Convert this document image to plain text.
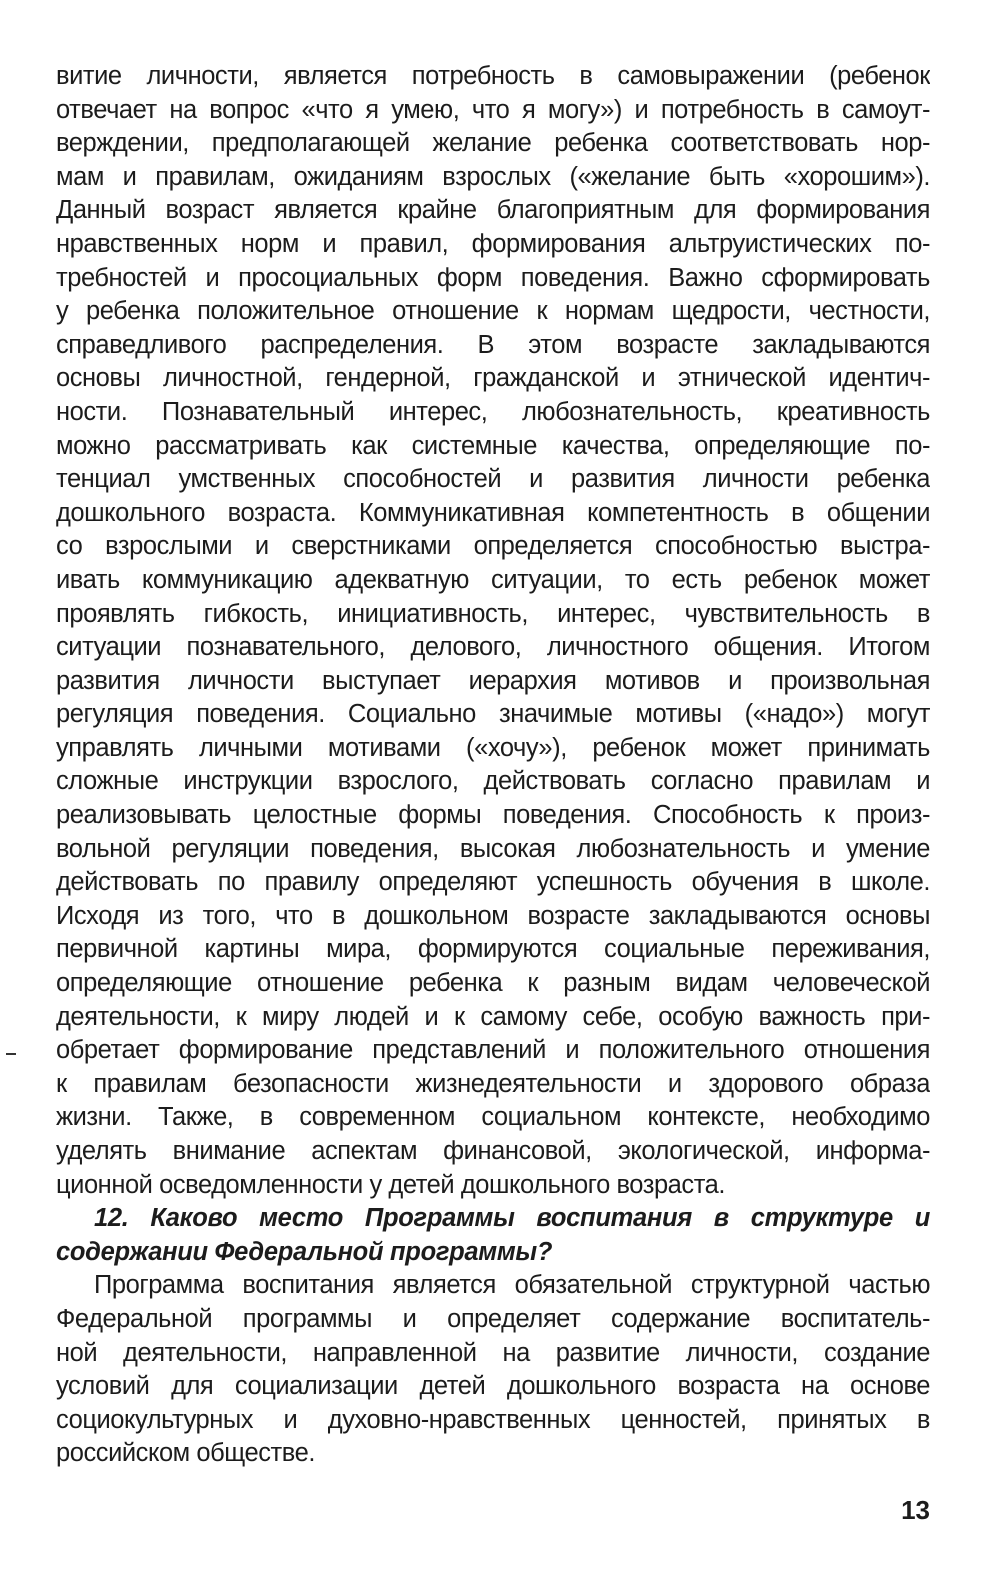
витие личности, является потребность в самовыражении (ребенок
отвечает на вопрос «что я умею, что я могу») и потребность в самоут-
верждении, предполагающей желание ребенка соответствовать нор-
мам и правилам, ожиданиям взрослых («желание быть «хорошим»).
Данный возраст является крайне благоприятным для формирования
нравственных норм и правил, формирования альтруистических по-
требностей и просоциальных форм поведения. Важно сформировать
у ребенка положительное отношение к нормам щедрости, честности,
справедливого распределения. В этом возрасте закладываются
основы личностной, гендерной, гражданской и этнической идентич-
ности. Познавательный интерес, любознательность, креативность
можно рассматривать как системные качества, определяющие по-
тенциал умственных способностей и развития личности ребенка
дошкольного возраста. Коммуникативная компетентность в общении
со взрослыми и сверстниками определяется способностью выстра-
ивать коммуникацию адекватную ситуации, то есть ребенок может
проявлять гибкость, инициативность, интерес, чувствительность в
ситуации познавательного, делового, личностного общения. Итогом
развития личности выступает иерархия мотивов и произвольная
регуляция поведения. Социально значимые мотивы («надо») могут
управлять личными мотивами («хочу»), ребенок может принимать
сложные инструкции взрослого, действовать согласно правилам и
реализовывать целостные формы поведения. Способность к произ-
вольной регуляции поведения, высокая любознательность и умение
действовать по правилу определяют успешность обучения в школе.
Исходя из того, что в дошкольном возрасте закладываются основы
первичной картины мира, формируются социальные переживания,
определяющие отношение ребенка к разным видам человеческой
деятельности, к миру людей и к самому себе, особую важность при-
обретает формирование представлений и положительного отношения
к правилам безопасности жизнедеятельности и здорового образа
жизни. Также, в современном социальном контексте, необходимо
уделять внимание аспектам финансовой, экологической, информа-
ционной осведомленности у детей дошкольного возраста.
12. Каково место Программы воспитания в структуре и
содержании Федеральной программы?
Программа воспитания является обязательной структурной частью
Федеральной программы и определяет содержание воспитатель-
ной деятельности, направленной на развитие личности, создание
условий для социализации детей дошкольного возраста на основе
социокультурных и духовно-нравственных ценностей, принятых в
российском обществе.
13
